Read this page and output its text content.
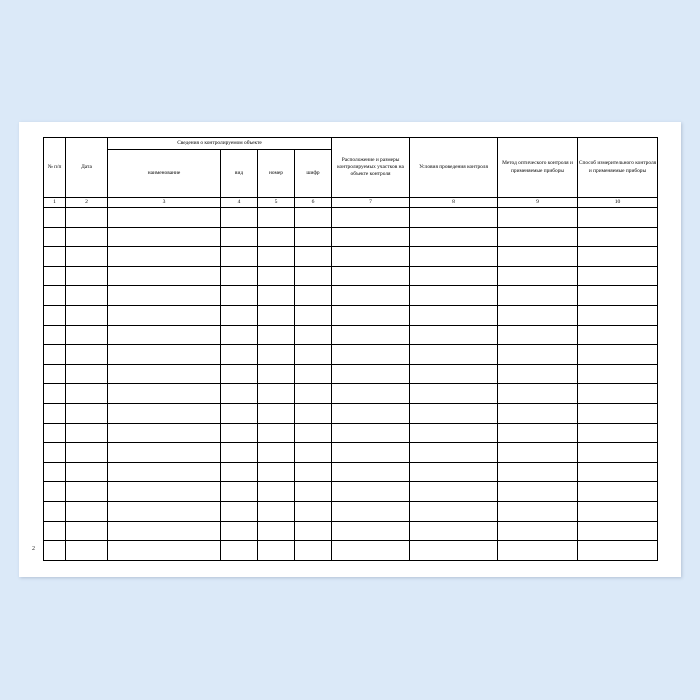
№ п/п	Дата	Сведения о контролируемом объекте				Расположение и размеры контролируемых участков на объекте контроля	Условия проведения контроля	Метод оптического контроля и применяемые приборы	Способ измерительного контроля и применяемые приборы
		наименование	вид	номер	шифр				
1	2	3	4	5	6	7	8	9	10

2
